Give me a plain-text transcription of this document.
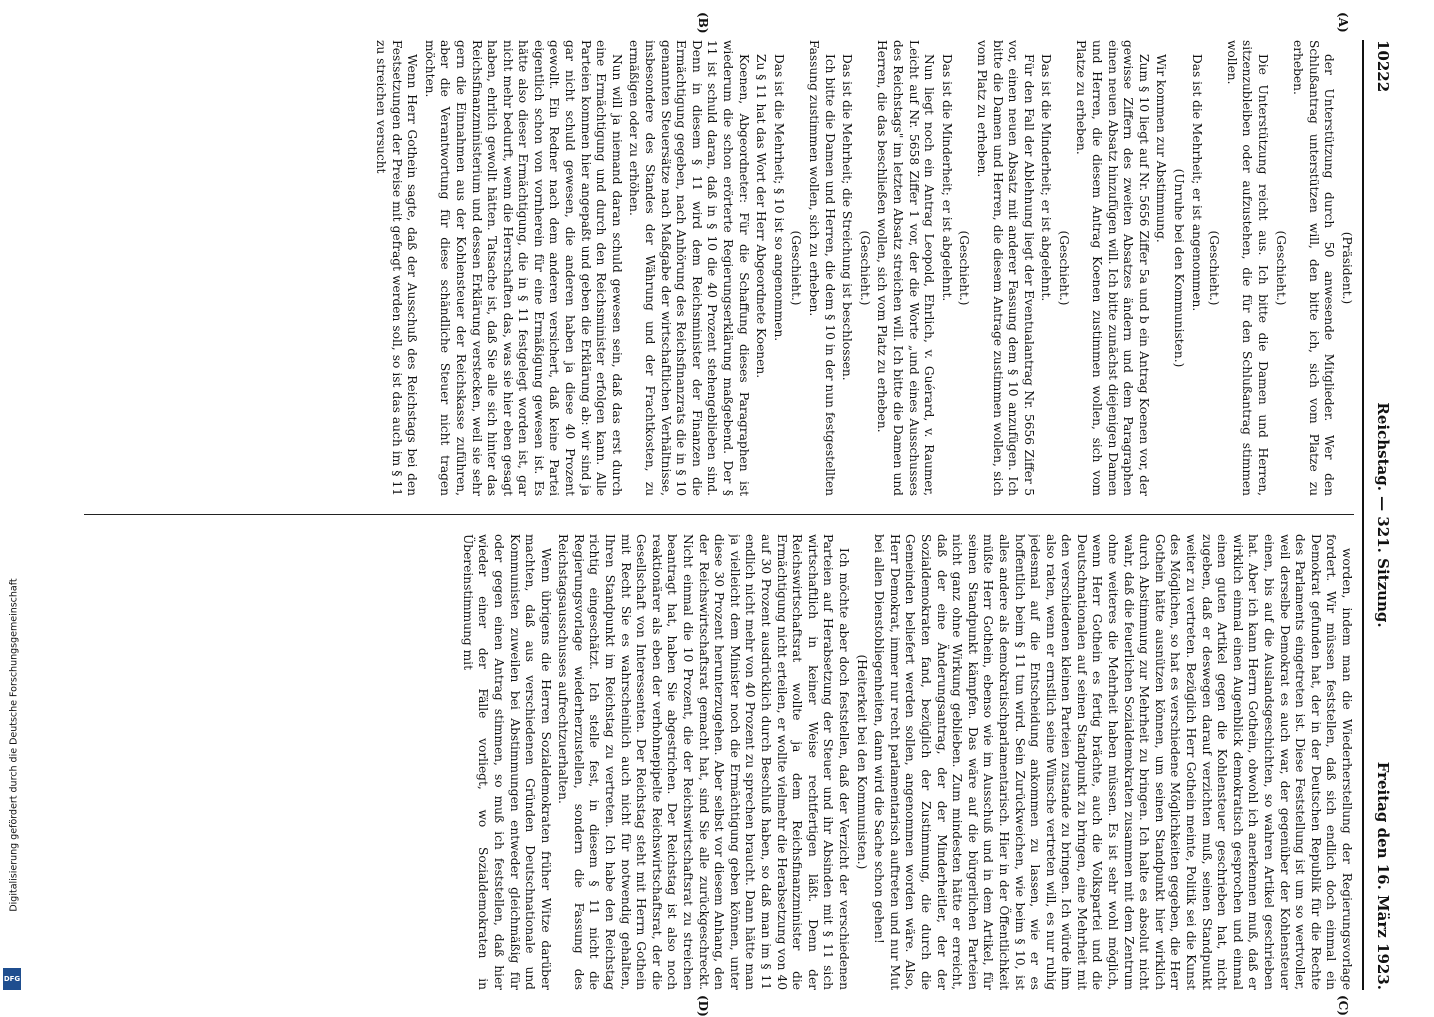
10222
Reichstag. — 321. Sitzung.
Freitag den 16. März 1923.

(Präsident.)

der Unterstützung durch 50 anwesende Mitglieder. Wer den Schlußantrag unterstützen will, den bitte ich, sich vom Platze zu erheben.

(Geschieht.)

Die Unterstützung reicht aus. Ich bitte die Damen und Herren, sitzenzubleiben oder aufzustehen, die für den Schlußantrag stimmen wollen.

(Geschieht.)

Das ist die Mehrheit; er ist angenommen.

(Unruhe bei den Kommunisten.)

Wir kommen zur Abstimmung.

Zum § 10 liegt auf Nr. 5656 Ziffer 5a und b ein Antrag Koenen vor, der gewisse Ziffern des zweiten Absatzes ändern und dem Paragraphen einen neuen Absatz hinzufügen will. Ich bitte zunächst diejenigen Damen und Herren, die diesem Antrag Koenen zustimmen wollen, sich vom Platze zu erheben.

(Geschieht.)

Das ist die Minderheit; er ist abgelehnt.

Für den Fall der Ablehnung liegt der Eventualantrag Nr. 5656 Ziffer 5 vor, einen neuen Absatz mit anderer Fassung dem § 10 anzufügen. Ich bitte die Damen und Herren, die diesem Antrage zustimmen wollen, sich vom Platz zu erheben.

(Geschieht.)

Das ist die Minderheit; er ist abgelehnt.

Nun liegt noch ein Antrag Leopold, Ehrlich, v. Guérard, v. Raumer, Leicht auf Nr. 5658 Ziffer 1 vor, der die Worte „und eines Ausschusses des Reichstags" im letzten Absatz streichen will. Ich bitte die Damen und Herren, die das beschließen wollen, sich vom Platz zu erheben.

(Geschieht.)

Das ist die Mehrheit; die Streichung ist beschlossen.

Ich bitte die Damen und Herren, die dem § 10 in der nun festgestellten Fassung zustimmen wollen, sich zu erheben.

(Geschieht.)

Das ist die Mehrheit; § 10 ist so angenommen.

Zu § 11 hat das Wort der Herr Abgeordnete Koenen.

Koenen, Abgeordneter: Für die Schaffung dieses Paragraphen ist wiederum die schon erörterte Regierungserklärung maßgebend. Der § 11 ist schuld daran, daß in § 10 die 40 Prozent stehengeblieben sind. Denn in diesem § 11 wird dem Reichsminister der Finanzen die Ermächtigung gegeben, nach Anhörung des Reichsfinanzrats die in § 10 genannten Steuersätze nach Maßgabe der wirtschaftlichen Verhältnisse, insbesondere des Standes der Währung und der Frachtkosten, zu ermäßigen oder zu erhöhen.

Nun will ja niemand daran schuld gewesen sein, daß das erst durch eine Ermächtigung und durch den Reichsminister erfolgen kann. Alle Parteien kommen hier angepaßt und geben die Erklärung ab: wir sind ja gar nicht schuld gewesen, die anderen haben ja diese 40 Prozent gewollt. Ein Redner nach dem anderen versichert, daß keine Partei eigentlich schon von vornherein für eine Ermäßigung gewesen ist. Es hätte also dieser Ermächtigung, die in § 11 festgelegt worden ist, gar nicht mehr bedurft, wenn die Herrschaften das, was sie hier eben gesagt haben, ehrlich gewollt hätten. Tatsache ist, daß Sie alle sich hinter das Reichsfinanzministerium und dessen Erklärung verstecken, weil sie sehr gern die Einnahmen aus der Kohlensteuer der Reichskasse zuführen, aber die Verantwortung für diese schändliche Steuer nicht tragen möchten.

Wenn Herr Gothein sagte, daß der Ausschuß des Reichstags bei den Festsetzungen der Preise mit gefragt werden soll, so ist das auch im § 11 zu streichen versucht

worden, indem man die Wiederherstellung der Regierungsvorlage fordert. Wir müssen feststellen, daß sich endlich doch einmal ein Demokrat gefunden hat, der in der Deutschen Republik für die Rechte des Parlaments eingetreten ist. Diese Feststellung ist um so wertvoller, weil derselbe Demokrat es auch war, der gegenüber der Kohlensteuer einen, bis auf die Auslandsgeschichten, so wahren Artikel geschrieben hat. Aber ich kann Herrn Gothein, obwohl ich anerkennen muß, daß er wirklich einmal einen Augenblick demokratisch gesprochen und einmal einen guten Artikel gegen die Kohlensteuer geschrieben hat, nicht zugeben, daß er deswegen darauf verzichten muß, seinen Standpunkt weiter zu vertreten. Bezüglich Herr Gothein meinte, Politik sei die Kunst des Möglichen, so hat es verschiedene Möglichkeiten gegeben, die Herr Gothein hätte ausnützen können, um seinen Standpunkt hier wirklich durch Abstimmung zur Mehrheit zu bringen. Ich halte es absolut nicht wahr, daß die feuerlichen Sozialdemokraten zusammen mit dem Zentrum ohne weiteres die Mehrheit haben müssen. Es ist sehr wohl möglich, wenn Herr Gothein es fertig brächte, auch die Volkspartei und die Deutschnationalen auf seinen Standpunkt zu bringen, eine Mehrheit mit den verschiedenen kleinen Parteien zustande zu bringen. Ich würde ihm also raten, wenn er ernstlich seine Wünsche vertreten will, es nur ruhig jedesmal auf die Entscheidung ankommen zu lassen, wie er es hoffentlich beim § 11 tun wird. Sein Zurückweichen, wie beim § 10, ist alles andere als demokratischparlamentarisch. Hier in der Öffentlichkeit müßte Herr Gothein, ebenso wie im Ausschuß und in dem Artikel, für seinen Standpunkt kämpfen. Das wäre auf die bürgerlichen Parteien nicht ganz ohne Wirkung geblieben. Zum mindesten hätte er erreicht, daß der eine Änderungsantrag, der der Minderheitler, der der Sozialdemokraten fand, bezüglich der Zustimmung, die durch die Gemeinden beliefert werden sollen, angenommen worden wäre. Also, Herr Demokrat, immer nur recht parlamentarisch auftreten und nur Mut bei allen Dienstobliegenheiten, dann wird die Sache schon gehen!

(Heiterkeit bei den Kommunisten.)

Ich möchte aber doch feststellen, daß der Verzicht der verschiedenen Parteien auf Herabsetzung der Steuer und ihr Absinden mit § 11 sich wirtschaftlich in keiner Weise rechtfertigen läßt. Denn der Reichswirtschaftsrat wollte ja dem Reichsfinanzminister die Ermächtigung nicht erteilen, er wollte vielmehr die Herabsetzung von 40 auf 30 Prozent ausdrücklich durch Beschluß haben, so daß man im § 11 endlich nicht mehr von 40 Prozent zu sprechen braucht. Dann hätte man ja vielleicht dem Minister noch die Ermächtigung geben können, unter diese 30 Prozent herunterzugehen. Aber selbst vor diesem Anhang, den der Reichswirtschaftsrat gemacht hat, sind Sie alle zurückgeschreckt. Nicht einmal die 10 Prozent, die der Reichswirtschaftsrat zu streichen beantragt hat, haben Sie abgestrichen. Der Reichstag ist also noch reaktionärer als eben der verhohnepipelte Reichswirtschaftsrat, der die Gesellschaft von Interessenten. Der Reichstag steht mit Herrn Gothein mit Recht Sie es wahrscheinlich auch nicht für notwendig gehalten, Ihren Standpunkt im Reichstag zu vertreten. Ich habe den Reichstag richtig eingeschätzt. Ich stelle fest, in diesem § 11 nicht die Regierungsvorlage wiederherzustellen, sondern die Fassung des Reichstagsausschusses aufrechtzuerhalten.

Wenn übrigens die Herren Sozialdemokraten früher Witze darüber machten, daß aus verschiedenen Gründen Deutschnationale und Kommunisten zuweilen bei Abstimmungen entweder gleichmäßig für oder gegen einen Antrag stimmen, so muß ich feststellen, daß hier wieder einer der Fälle vorliegt, wo Sozialdemokraten in Übereinstimmung mit

(A)
(B)
(C)
(D)
Digitalisierung gefördert durch die Deutsche Forschungsgemeinschaft
DFG
